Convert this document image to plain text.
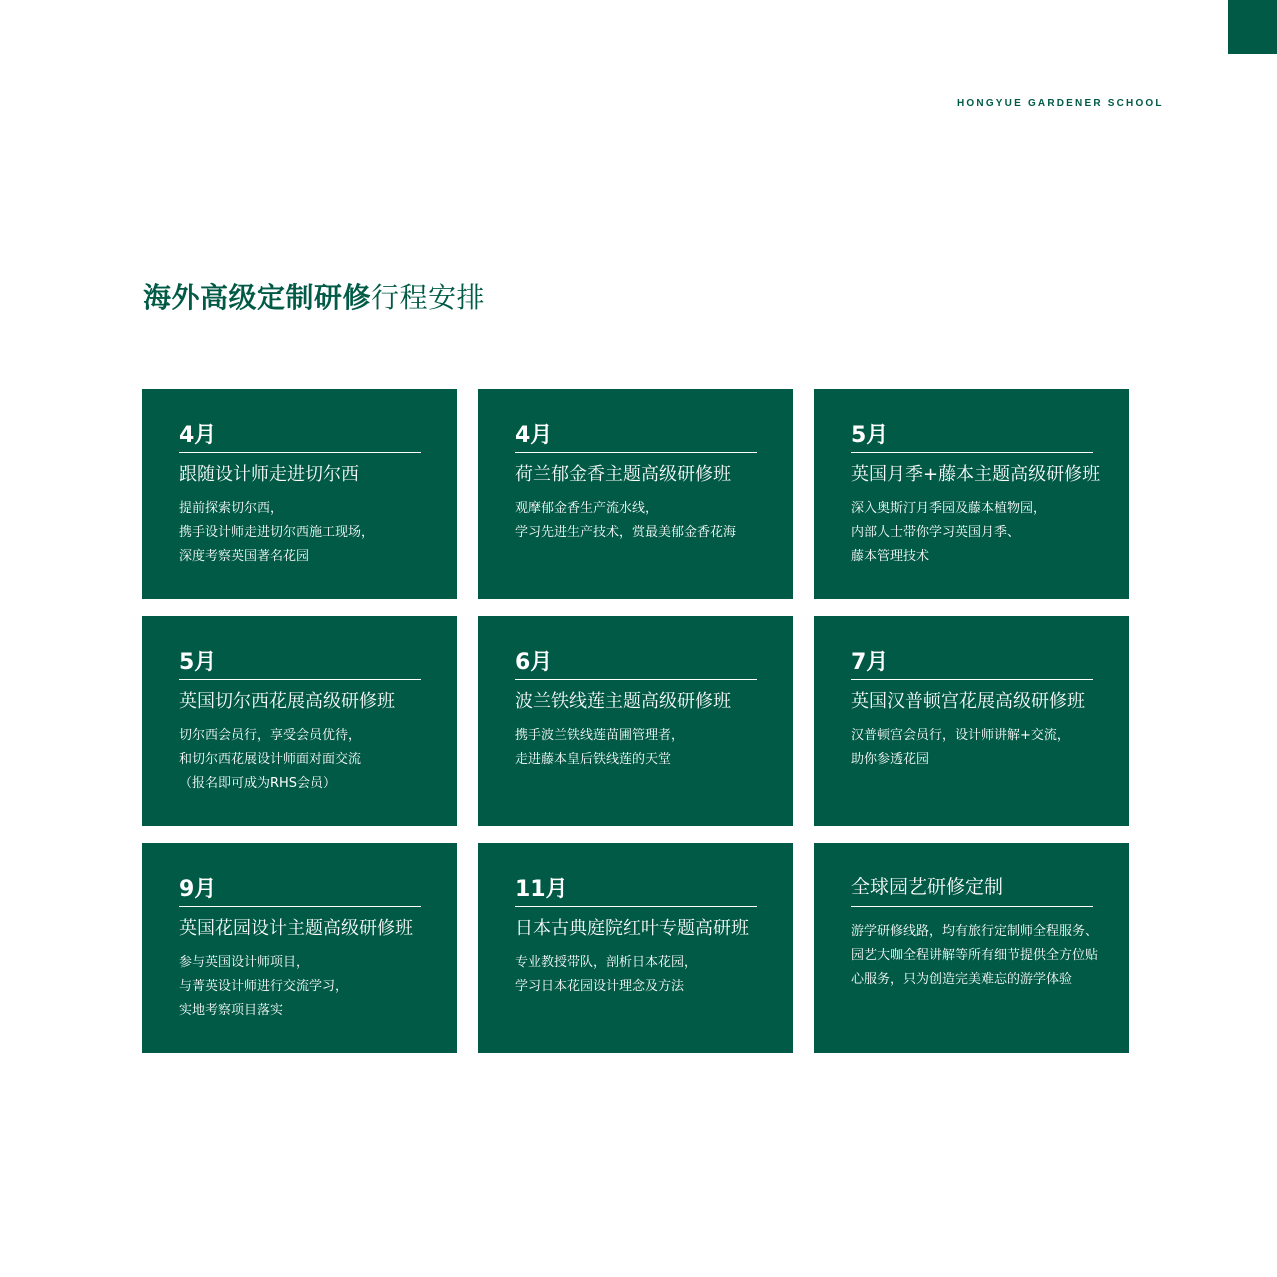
HONGYUE GARDENER SCHOOL
海外高级定制研修行程安排
4月
跟随设计师走进切尔西
提前探索切尔西，
携手设计师走进切尔西施工现场，
深度考察英国著名花园
4月
荷兰郁金香主题高级研修班
观摩郁金香生产流水线，
学习先进生产技术，赏最美郁金香花海
5月
英国月季+藤本主题高级研修班
深入奥斯汀月季园及藤本植物园，
内部人士带你学习英国月季、
藤本管理技术
5月
英国切尔西花展高级研修班
切尔西会员行，享受会员优待，
和切尔西花展设计师面对面交流
（报名即可成为RHS会员）
6月
波兰铁线莲主题高级研修班
携手波兰铁线莲苗圃管理者，
走进藤本皇后铁线莲的天堂
7月
英国汉普顿宫花展高级研修班
汉普顿宫会员行，设计师讲解+交流，
助你参透花园
9月
英国花园设计主题高级研修班
参与英国设计师项目，
与菁英设计师进行交流学习，
实地考察项目落实
11月
日本古典庭院红叶专题高研班
专业教授带队，剖析日本花园，
学习日本花园设计理念及方法
全球园艺研修定制
游学研修线路，均有旅行定制师全程服务、园艺大咖全程讲解等所有细节提供全方位贴心服务，只为创造完美难忘的游学体验
